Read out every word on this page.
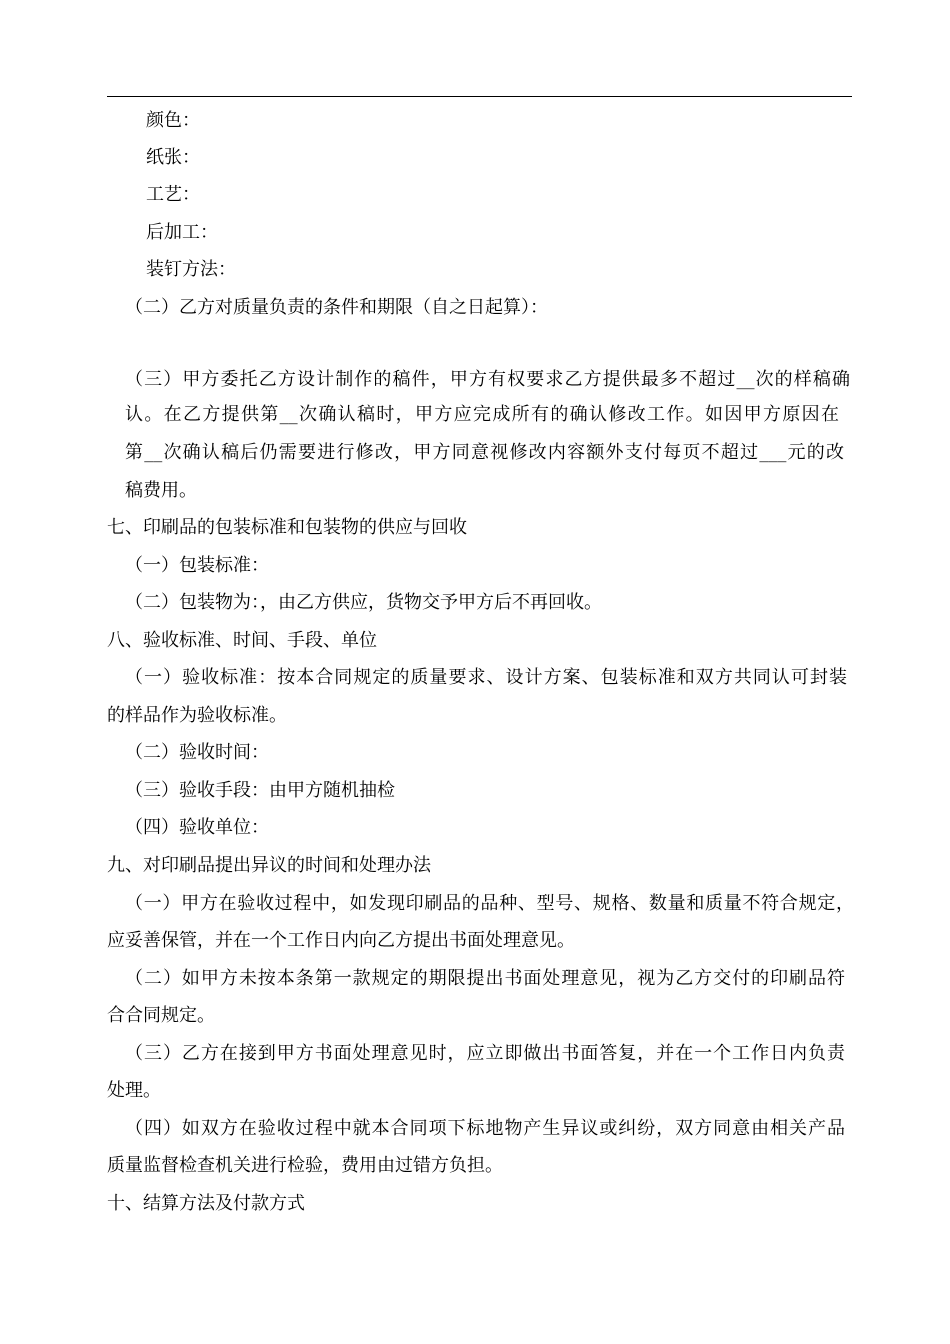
颜色：
纸张：
工艺：
后加工：
装钉方法：
（二）乙方对质量负责的条件和期限（自之日起算）：
（三）甲方委托乙方设计制作的稿件，甲方有权要求乙方提供最多不超过__次的样稿确
认。在乙方提供第__次确认稿时，甲方应完成所有的确认修改工作。如因甲方原因在
第__次确认稿后仍需要进行修改，甲方同意视修改内容额外支付每页不超过___元的改
稿费用。
七、印刷品的包装标准和包装物的供应与回收
（一）包装标准：
（二）包装物为：，由乙方供应，货物交予甲方后不再回收。
八、验收标准、时间、手段、单位
（一）验收标准：按本合同规定的质量要求、设计方案、包装标准和双方共同认可封装
的样品作为验收标准。
（二）验收时间：
（三）验收手段：由甲方随机抽检
（四）验收单位：
九、对印刷品提出异议的时间和处理办法
（一）甲方在验收过程中，如发现印刷品的品种、型号、规格、数量和质量不符合规定，
应妥善保管，并在一个工作日内向乙方提出书面处理意见。
（二）如甲方未按本条第一款规定的期限提出书面处理意见，视为乙方交付的印刷品符
合合同规定。
（三）乙方在接到甲方书面处理意见时，应立即做出书面答复，并在一个工作日内负责
处理。
（四）如双方在验收过程中就本合同项下标地物产生异议或纠纷，双方同意由相关产品
质量监督检查机关进行检验，费用由过错方负担。
十、结算方法及付款方式
